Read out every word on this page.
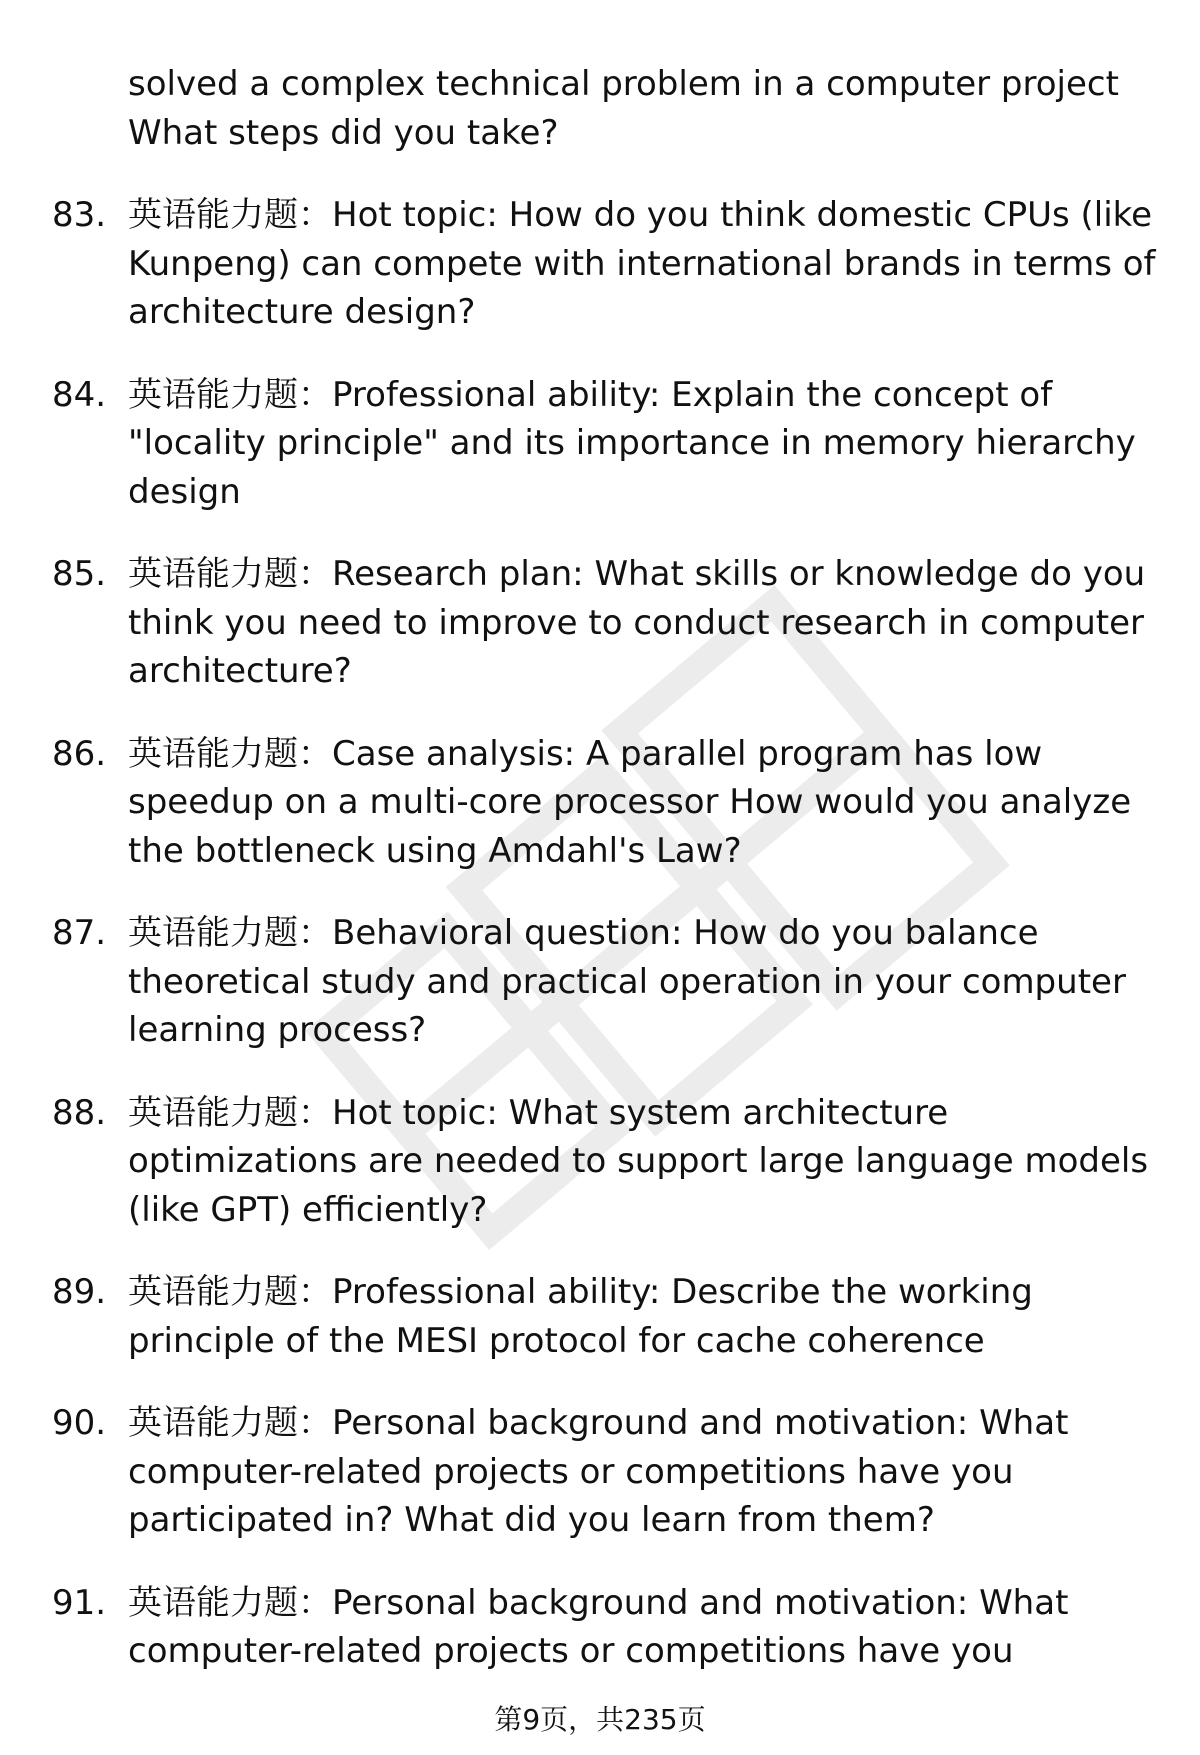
solved a complex technical problem in a computer project What steps did you take?
83. 英语能力题：Hot topic: How do you think domestic CPUs (like Kunpeng) can compete with international brands in terms of architecture design?
84. 英语能力题：Professional ability: Explain the concept of "locality principle" and its importance in memory hierarchy design
85. 英语能力题：Research plan: What skills or knowledge do you think you need to improve to conduct research in computer architecture?
86. 英语能力题：Case analysis: A parallel program has low speedup on a multi-core processor How would you analyze the bottleneck using Amdahl's Law?
87. 英语能力题：Behavioral question: How do you balance theoretical study and practical operation in your computer learning process?
88. 英语能力题：Hot topic: What system architecture optimizations are needed to support large language models (like GPT) efficiently?
89. 英语能力题：Professional ability: Describe the working principle of the MESI protocol for cache coherence
90. 英语能力题：Personal background and motivation: What computer-related projects or competitions have you participated in? What did you learn from them?
91. 英语能力题：Personal background and motivation: What computer-related projects or competitions have you
第9页，共235页
